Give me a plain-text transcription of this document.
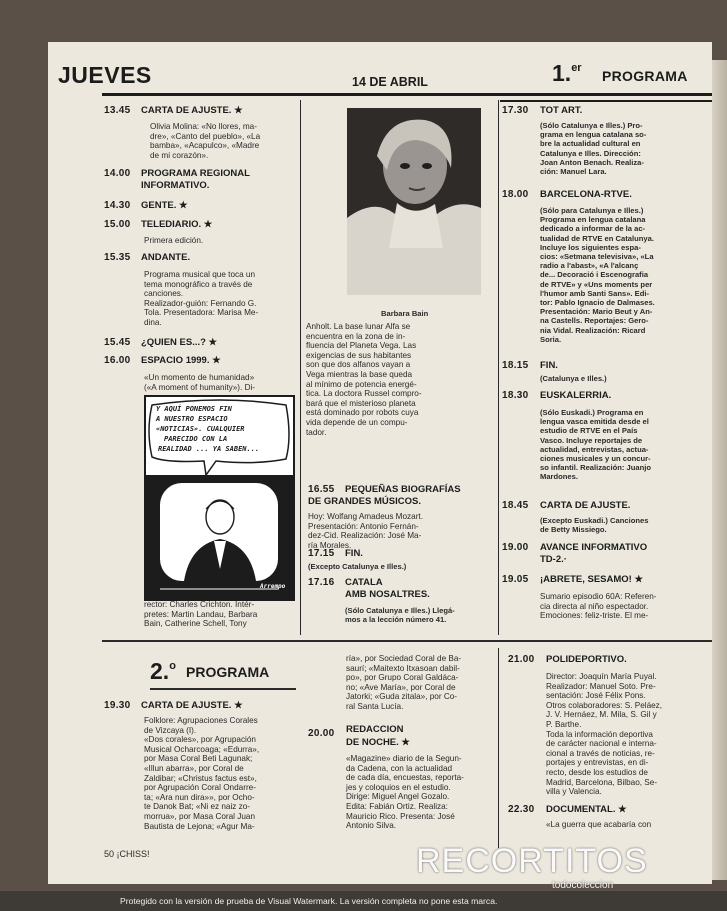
JUEVES	14 DE ABRIL	1.$^{er}$ PROGRAMA
Barbara Bain
13.45 CARTA DE AJUSTE. ★
Olivia Molina: «No llores, ma-
dre», «Canto del pueblo», «La
bamba», «Acapulco», «Madre
de mi corazón».
14.00 PROGRAMA REGIONAL
INFORMATIVO.
14.30 GENTE. ★
15.00 TELEDIARIO. ★
Primera edición.
15.35 ANDANTE.
Programa musical que toca un
tema monográfico a través de
canciones.
Realizador-guión: Fernando G.
Tola. Presentadora: Marisa Me-
dina.
15.45 ¿QUIEN ES...? ★
16.00 ESPACIO 1999. ★
«Un momento de humanidad»
(«A moment of humanity»). Di-
Y AQUÍ PONEMOS FIN
A NUESTRO ESPACIO
«NOTICIAS». CUALQUIER
PARECIDO CON LA
REALIDAD ... YA SABEN...
Arrempo
rector: Charles Crichton. Intér-
pretes: Martin Landau, Barbara
Bain, Catherine Schell, Tony
Anholt. La base lunar Alfa se
encuentra en la zona de in-
fluencia del Planeta Vega. Las
exigencias de sus habitantes
son que dos alfanos vayan a
Vega mientras la base queda
al mínimo de potencia energé-
tica. La doctora Russel compro-
bará que el misterioso planeta
está dominado por robots cuya
vida depende de un compu-
tador.
16.55 PEQUEÑAS BIOGRAFÍAS
DE GRANDES MÚSICOS.
Hoy: Wolfang Amadeus Mozart.
Presentación: Antonio Fernán-
dez-Cid. Realización: José Ma-
ría Morales.
17.15 FIN.
(Excepto Catalunya e Illes.)
17.16 CATALA
AMB NOSALTRES.
(Sólo Catalunya e Illes.) Llegá-
mos a la lección número 41.
17.30 TOT ART.
(Sólo Catalunya e Illes.) Pro-
grama en lengua catalana so-
bre la actualidad cultural en
Catalunya e Illes. Dirección:
Joan Anton Benach. Realiza-
ción: Manuel Lara.
18.00 BARCELONA-RTVE.
(Sólo para Catalunya e Illes.)
Programa en lengua catalana
dedicado a informar de la ac-
tualidad de RTVE en Catalunya.
Incluye los siguientes espa-
cios: «Setmana televisiva», «La
radio a l'abast», «A l'alcanç
de... Decoració i Escenografia
de RTVE» y «Uns moments per
l'humor amb Santi Sans». Edi-
tor: Pablo Ignacio de Dalmases.
Presentación: Mario Beut y An-
na Castells. Reportajes: Gero-
nia Vidal. Realización: Ricard
Soria.
18.15 FIN.
(Catalunya e Illes.)
18.30 EUSKALERRIA.
(Sólo Euskadi.) Programa en
lengua vasca emitida desde el
estudio de RTVE en el País
Vasco. Incluye reportajes de
actualidad, entrevistas, actua-
ciones musicales y un concur-
so infantil. Realización: Juanjo
Mardones.
18.45 CARTA DE AJUSTE.
(Excepto Euskadi.) Canciones
de Betty Missiego.
19.00 AVANCE INFORMATIVO
TD-2.·
19.05 ¡ABRETE, SESAMO! ★
Sumario episodio 60A: Referen-
cia directa al niño espectador.
Emociones: feliz-triste. El me-
2.$^o$ PROGRAMA
19.30 CARTA DE AJUSTE. ★
Folklore: Agrupaciones Corales
de Vizcaya (I).
«Dos corales», por Agrupación
Musical Ocharcoaga; «Edurra»,
por Masa Coral Beti Lagunak;
«Illun abarra», por Coral de
Zaldibar; «Christus factus est»,
por Agrupación Coral Ondarre-
ta; «Ara nun dira»», por Ocho-
te Danok Bat; «Ni ez naiz zo-
morrua», por Masa Coral Juan
Bautista de Lejona; «Agur Ma-
ría», por Sociedad Coral de Ba-
saurí; «Maitexto Itxasoan dabil-
po», por Grupo Coral Galdáca-
no; «Ave María», por Coral de
Jatorki; «Guda zitala», por Co-
ral Santa Lucía.
20.00 REDACCION
DE NOCHE. ★
«Magazine» diario de la Segun-
da Cadena, con la actualidad
de cada día, encuestas, reporta-
jes y coloquios en el estudio.
Dirige: Miguel Angel Gozalo.
Edita: Fabián Ortiz. Realiza:
Mauricio Rico. Presenta: José
Antonio Silva.
21.00 POLIDEPORTIVO.
Director: Joaquín María Puyal.
Realizador: Manuel Soto. Pre-
sentación: José Félix Pons.
Otros colaboradores: S. Peláez,
J. V. Hernáez, M. Mila, S. Gil y
P. Barthe.
Toda la información deportiva
de carácter nacional e interna-
cional a través de noticias, re-
portajes y entrevistas, en di-
recto, desde los estudios de
Madrid, Barcelona, Bilbao, Se-
villa y Valencia.
22.30 DOCUMENTAL. ★
«La guerra que acabaría con
50 ¡CHISS!	RECORTITOS
todocoleccion
Protegido con la versión de prueba de Visual Watermark. La versión completa no pone esta marca.
